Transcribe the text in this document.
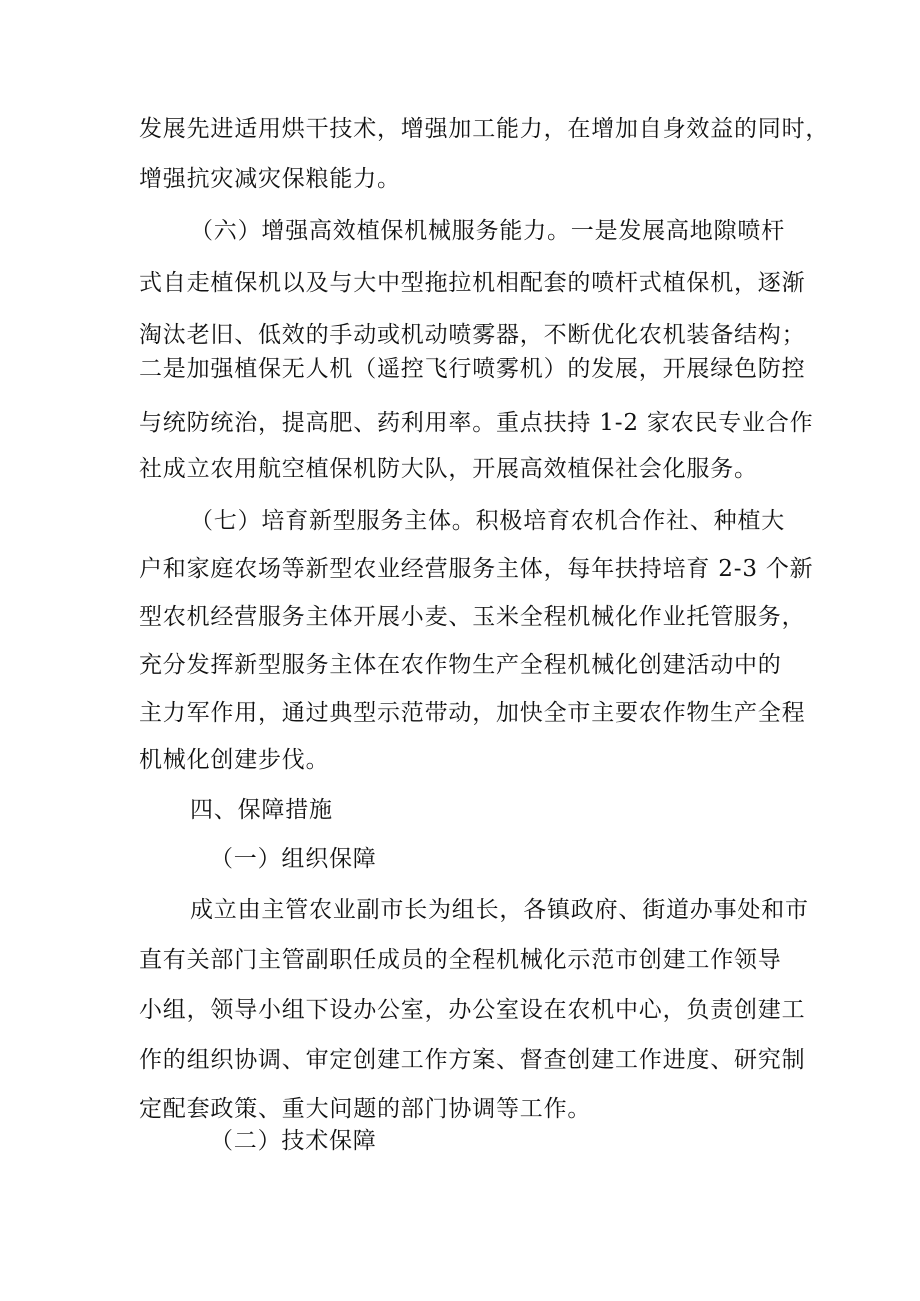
发展先进适用烘干技术，增强加工能力，在增加自身效益的同时，
增强抗灾减灾保粮能力。
（六）增强高效植保机械服务能力。一是发展高地隙喷杆
式自走植保机以及与大中型拖拉机相配套的喷杆式植保机，逐渐
淘汰老旧、低效的手动或机动喷雾器，不断优化农机装备结构；
二是加强植保无人机（遥控飞行喷雾机）的发展，开展绿色防控
与统防统治，提高肥、药利用率。重点扶持 1-2 家农民专业合作
社成立农用航空植保机防大队，开展高效植保社会化服务。
（七）培育新型服务主体。积极培育农机合作社、种植大
户和家庭农场等新型农业经营服务主体，每年扶持培育 2-3 个新
型农机经营服务主体开展小麦、玉米全程机械化作业托管服务，
充分发挥新型服务主体在农作物生产全程机械化创建活动中的
主力军作用，通过典型示范带动，加快全市主要农作物生产全程
机械化创建步伐。
四、保障措施
（一）组织保障
成立由主管农业副市长为组长，各镇政府、街道办事处和市
直有关部门主管副职任成员的全程机械化示范市创建工作领导
小组，领导小组下设办公室，办公室设在农机中心，负责创建工
作的组织协调、审定创建工作方案、督查创建工作进度、研究制
定配套政策、重大问题的部门协调等工作。
（二）技术保障
